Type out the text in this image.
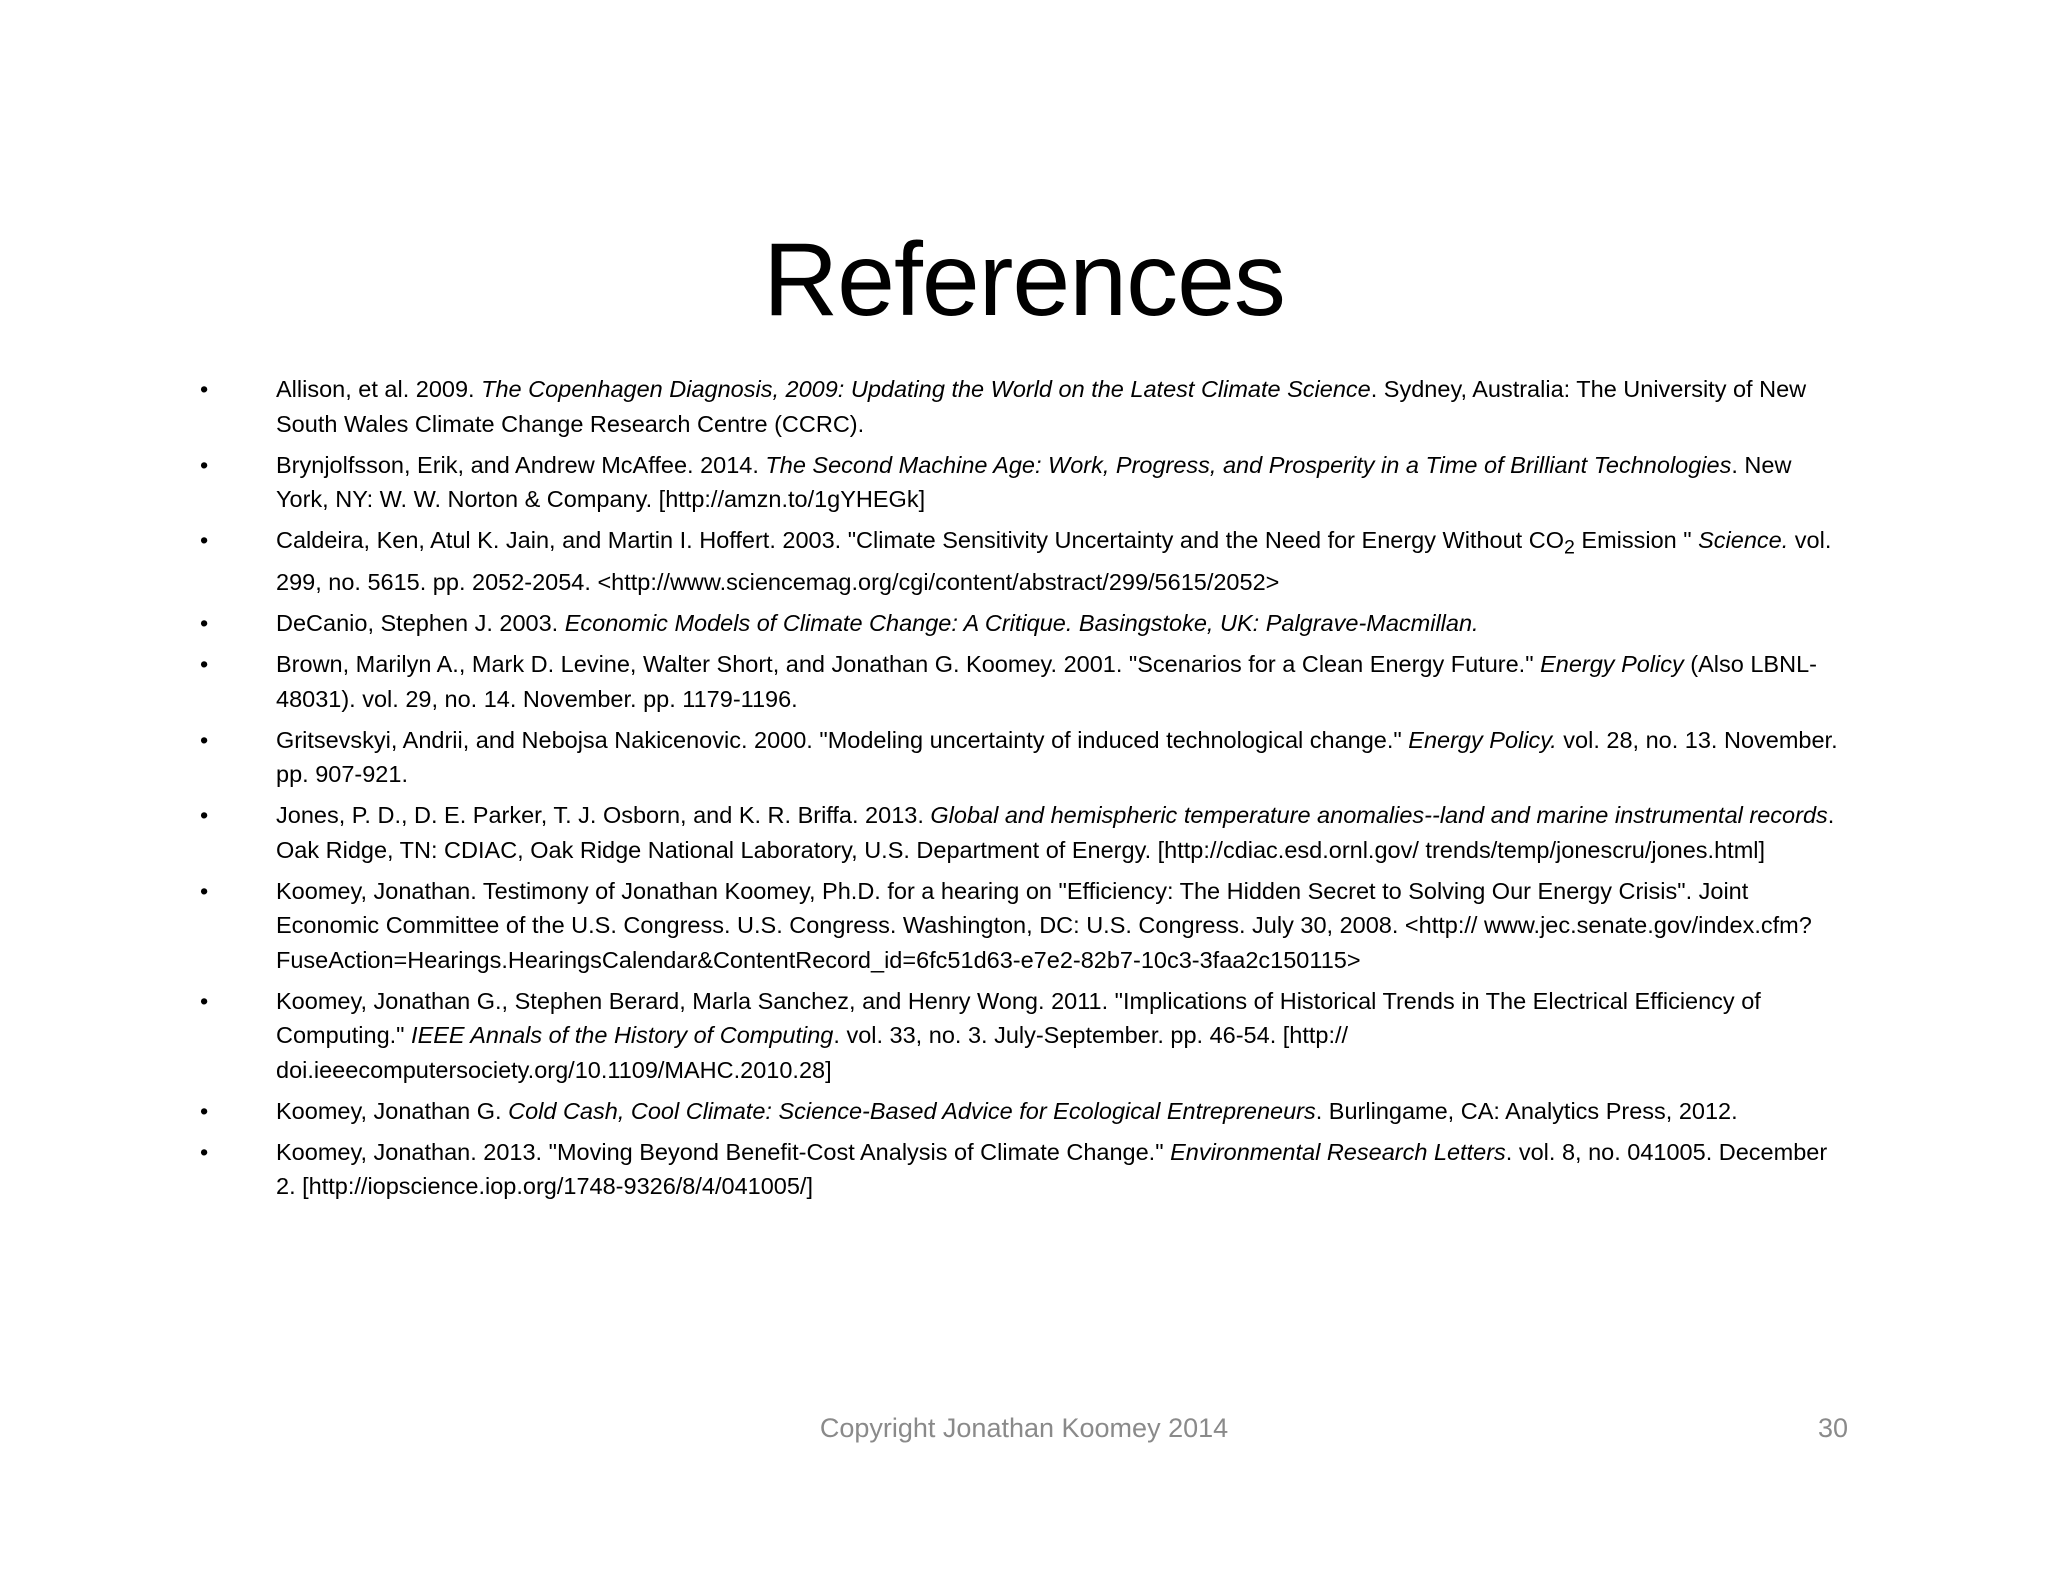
References
•	Allison, et al. 2009. The Copenhagen Diagnosis, 2009: Updating the World on the Latest Climate Science. Sydney, Australia: The University of New South Wales Climate Change Research Centre (CCRC).
•	Brynjolfsson, Erik, and Andrew McAffee. 2014. The Second Machine Age: Work, Progress, and Prosperity in a Time of Brilliant Technologies. New York, NY: W. W. Norton & Company. [http://amzn.to/1gYHEGk]
•	Caldeira, Ken, Atul K. Jain, and Martin I. Hoffert. 2003. "Climate Sensitivity Uncertainty and the Need for Energy Without $CO_2$ Emission " Science. vol. 299, no. 5615. pp. 2052-2054. <http://www.sciencemag.org/cgi/content/abstract/299/5615/2052>
•	DeCanio, Stephen J. 2003. Economic Models of Climate Change: A Critique. Basingstoke, UK: Palgrave-Macmillan.
•	Brown, Marilyn A., Mark D. Levine, Walter Short, and Jonathan G. Koomey. 2001. "Scenarios for a Clean Energy Future." Energy Policy (Also LBNL-48031). vol. 29, no. 14. November. pp. 1179-1196.
•	Gritsevskyi, Andrii, and Nebojsa Nakicenovic. 2000. "Modeling uncertainty of induced technological change." Energy Policy. vol. 28, no. 13. November. pp. 907-921.
•	Jones, P. D., D. E. Parker, T. J. Osborn, and K. R. Briffa. 2013. Global and hemispheric temperature anomalies--land and marine instrumental records. Oak Ridge, TN: CDIAC, Oak Ridge National Laboratory, U.S. Department of Energy. [http://cdiac.esd.ornl.gov/ trends/temp/jonescru/jones.html]
•	Koomey, Jonathan. Testimony of Jonathan Koomey, Ph.D. for a hearing on "Efficiency: The Hidden Secret to Solving Our Energy Crisis". Joint Economic Committee of the U.S. Congress. U.S. Congress. Washington, DC: U.S. Congress. July 30, 2008. <http:// www.jec.senate.gov/index.cfm?FuseAction=Hearings.HearingsCalendar&ContentRecord_id=6fc51d63-e7e2-82b7-10c3-3faa2c150115>
•	Koomey, Jonathan G., Stephen Berard, Marla Sanchez, and Henry Wong. 2011. "Implications of Historical Trends in The Electrical Efficiency of Computing." IEEE Annals of the History of Computing. vol. 33, no. 3. July-September. pp. 46-54. [http:// doi.ieeecomputersociety.org/10.1109/MAHC.2010.28]
•	Koomey, Jonathan G. Cold Cash, Cool Climate: Science-Based Advice for Ecological Entrepreneurs. Burlingame, CA: Analytics Press, 2012.
•	Koomey, Jonathan. 2013. "Moving Beyond Benefit-Cost Analysis of Climate Change." Environmental Research Letters. vol. 8, no. 041005. December 2. [http://iopscience.iop.org/1748-9326/8/4/041005/]
Copyright Jonathan Koomey 2014	30
